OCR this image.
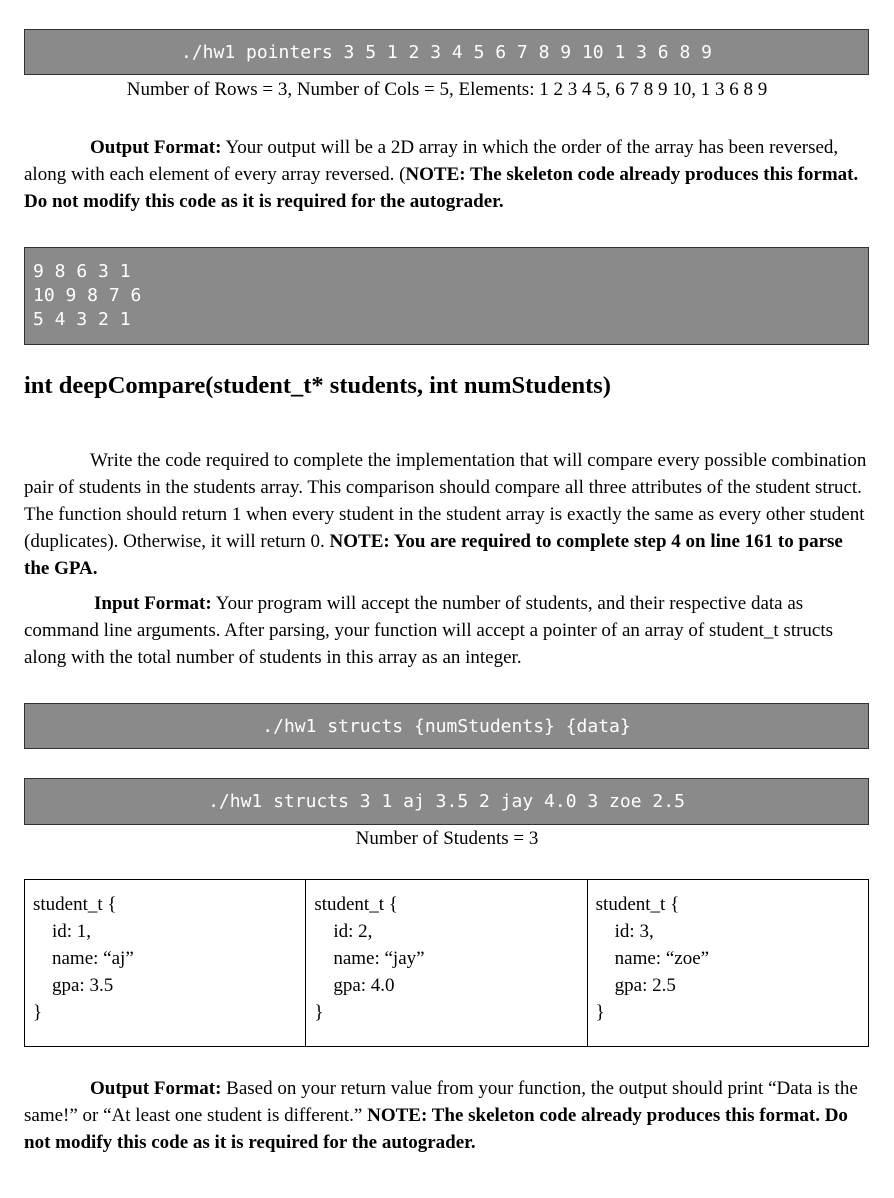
./hw1 pointers 3 5 1 2 3 4 5 6 7 8 9 10 1 3 6 8 9
Number of Rows = 3, Number of Cols = 5, Elements: 1 2 3 4 5, 6 7 8 9 10, 1 3 6 8 9
Output Format: Your output will be a 2D array in which the order of the array has been reversed, along with each element of every array reversed. (NOTE: The skeleton code already produces this format. Do not modify this code as it is required for the autograder.
9 8 6 3 1
10 9 8 7 6
5 4 3 2 1
int deepCompare(student_t* students, int numStudents)
Write the code required to complete the implementation that will compare every possible combination pair of students in the students array. This comparison should compare all three attributes of the student struct. The function should return 1 when every student in the student array is exactly the same as every other student (duplicates). Otherwise, it will return 0. NOTE: You are required to complete step 4 on line 161 to parse the GPA.
Input Format: Your program will accept the number of students, and their respective data as command line arguments. After parsing, your function will accept a pointer of an array of student_t structs along with the total number of students in this array as an integer.
./hw1 structs {numStudents} {data}
./hw1 structs 3 1 aj 3.5 2 jay 4.0 3 zoe 2.5
Number of Students = 3
student_t {
id: 1,
name: “aj”
gpa: 3.5
}
student_t {
id: 2,
name: “jay”
gpa: 4.0
}
student_t {
id: 3,
name: “zoe”
gpa: 2.5
}
Output Format: Based on your return value from your function, the output should print “Data is the same!” or “At least one student is different.” NOTE: The skeleton code already produces this format. Do not modify this code as it is required for the autograder.
